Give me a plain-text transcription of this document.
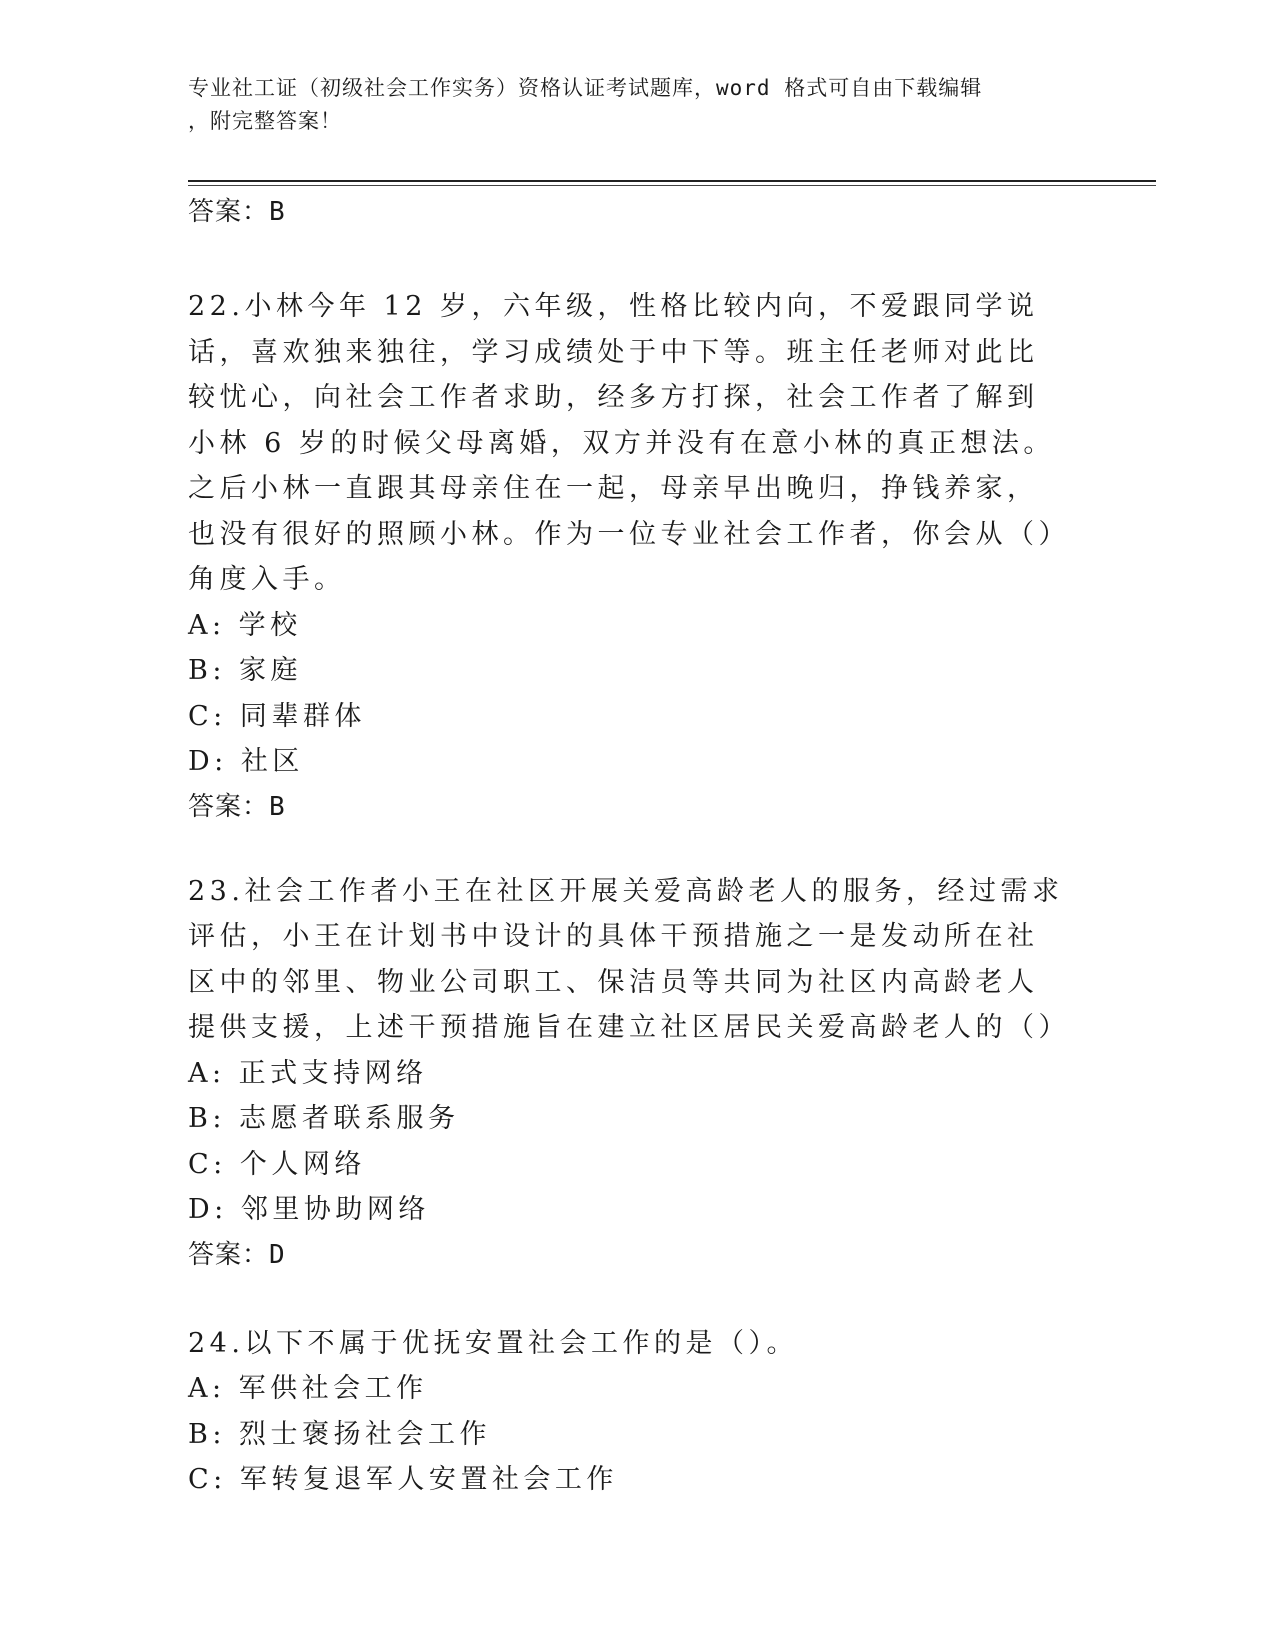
专业社工证（初级社会工作实务）资格认证考试题库，word 格式可自由下载编辑
，附完整答案！

答案：B

22.小林今年 12 岁，六年级，性格比较内向，不爱跟同学说话，喜欢独来独往，学习成绩处于中下等。班主任老师对此比较忧心，向社会工作者求助，经多方打探，社会工作者了解到小林 6 岁的时候父母离婚，双方并没有在意小林的真正想法。之后小林一直跟其母亲住在一起，母亲早出晚归，挣钱养家，也没有很好的照顾小林。作为一位专业社会工作者，你会从（）角度入手。

A: 学校

B: 家庭

C: 同辈群体

D: 社区

答案：B

23.社会工作者小王在社区开展关爱高龄老人的服务，经过需求评估，小王在计划书中设计的具体干预措施之一是发动所在社区中的邻里、物业公司职工、保洁员等共同为社区内高龄老人提供支援，上述干预措施旨在建立社区居民关爱高龄老人的（）

A: 正式支持网络

B: 志愿者联系服务

C: 个人网络

D: 邻里协助网络

答案：D

24.以下不属于优抚安置社会工作的是（）。

A: 军供社会工作

B: 烈士褒扬社会工作

C: 军转复退军人安置社会工作
